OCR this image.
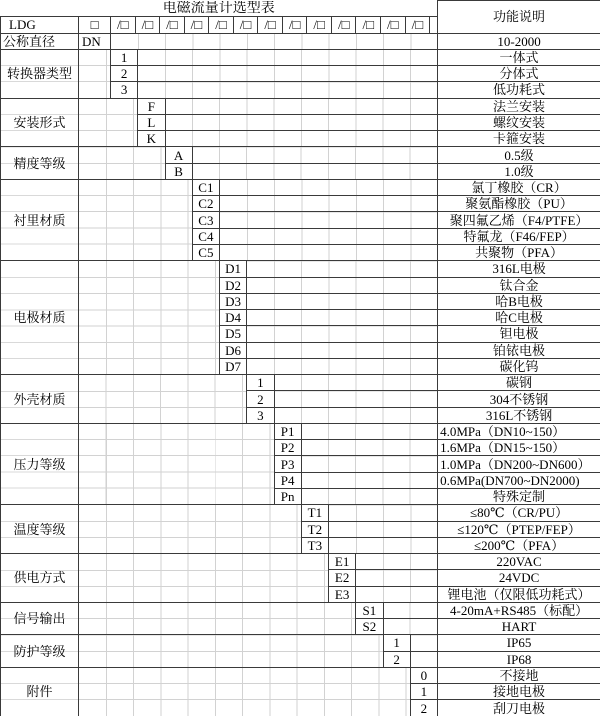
电磁流量计选型表														功能说明
LDG	□	/□	/□	/□	/□	/□	/□	/□	/□	/□	/□	/□	/□	/□

公称直径	DN													10-2000
转换器类型		1												一体式
		2												分体式
		3												低功耗式
安装形式			F											法兰安装
			L											螺纹安装
			K											卡箍安装
精度等级				A										0.5级
				B										1.0级
衬里材质					C1									氯丁橡胶（CR）
					C2									聚氨酯橡胶（PU）
					C3									聚四氟乙烯（F4/PTFE）
					C4									特氟龙（F46/FEP）
					C5									共聚物（PFA）
电极材质						D1								316L电极
						D2								钛合金
						D3								哈B电极
						D4								哈C电极
						D5								钽电极
						D6								铂铱电极
						D7								碳化钨
外壳材质							1							碳钢
							2							304不锈钢
							3							316L不锈钢
压力等级								P1						4.0MPa（DN10~150）
								P2						1.6MPa（DN15~150）
								P3						1.0MPa（DN200~DN600）
								P4						0.6MPa(DN700~DN2000)
								Pn						特殊定制
温度等级									T1					≤80℃（CR/PU）
									T2					≤120℃（PTEP/FEP）
									T3					≤200℃（PFA）
供电方式										E1				220VAC
										E2				24VDC
										E3				锂电池（仅限低功耗式）
信号输出											S1			4-20mA+RS485（标配）
											S2			HART
防护等级												1		IP65
												2		IP68
附件													0	不接地
													1	接地电极
													2	刮刀电极
